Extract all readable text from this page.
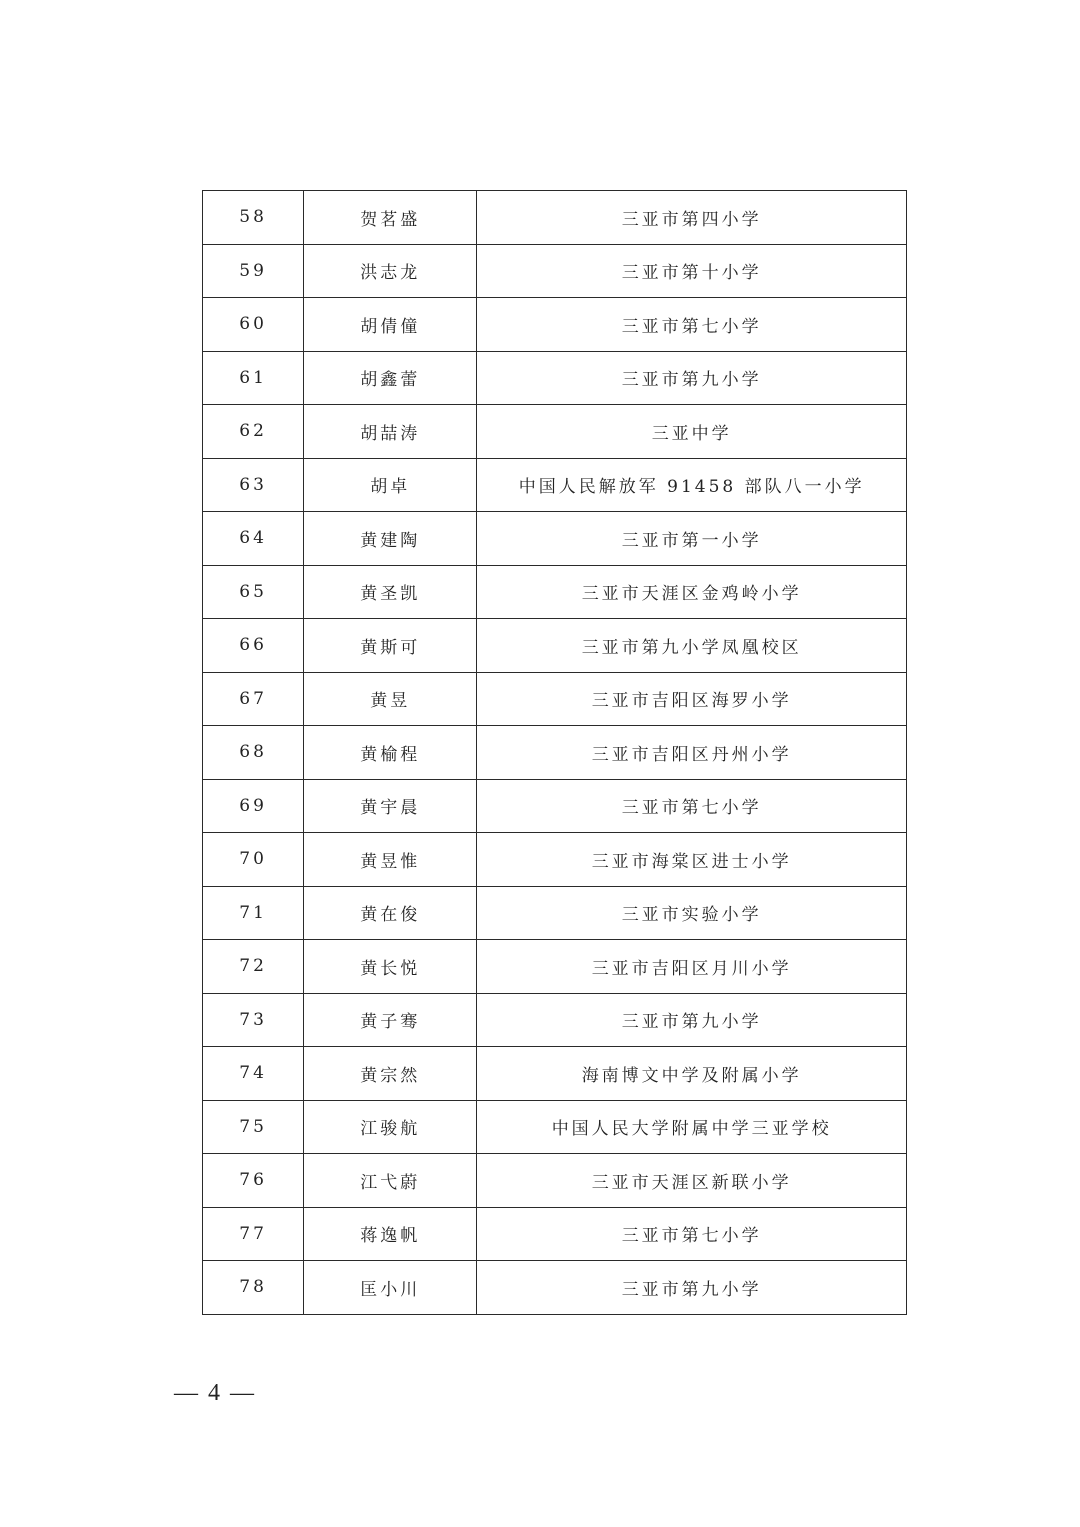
58	贺茗盛	三亚市第四小学
59	洪志龙	三亚市第十小学
60	胡倩僮	三亚市第七小学
61	胡鑫蕾	三亚市第九小学
62	胡喆涛	三亚中学
63	胡卓	中国人民解放军 91458 部队八一小学
64	黄建陶	三亚市第一小学
65	黄圣凯	三亚市天涯区金鸡岭小学
66	黄斯可	三亚市第九小学凤凰校区
67	黄昱	三亚市吉阳区海罗小学
68	黄榆程	三亚市吉阳区丹州小学
69	黄宇晨	三亚市第七小学
70	黄昱惟	三亚市海棠区进士小学
71	黄在俊	三亚市实验小学
72	黄长悦	三亚市吉阳区月川小学
73	黄子骞	三亚市第九小学
74	黄宗然	海南博文中学及附属小学
75	江骏航	中国人民大学附属中学三亚学校
76	江弋蔚	三亚市天涯区新联小学
77	蒋逸帆	三亚市第七小学
78	匡小川	三亚市第九小学
— 4 —
